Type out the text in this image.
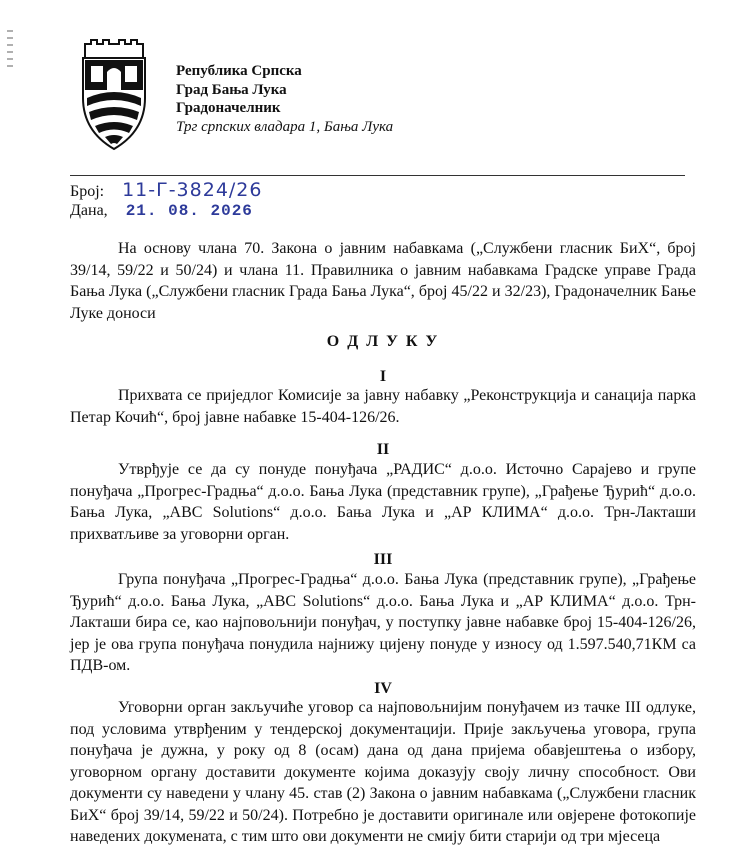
Република Српска
Град Бања Лука
Градоначелник
Трг српских владара 1, Бања Лука
Број: 11-Г-3824/26
Дана, 21. 08. 2026

На основу члана 70. Закона о јавним набавкама („Службени гласник БиХ“, број 39/14, 59/22 и 50/24) и члана 11. Правилника о јавним набавкама Градске управе Града Бања Лука („Службени гласник Града Бања Лука“, број 45/22 и 32/23), Градоначелник Бање Луке доноси

О Д Л У К У
I

Прихвата се приједлог Комисије за јавну набавку „Реконструкција и санација парка Петар Кочић“, број јавне набавке 15-404-126/26.

II

Утврђује се да су понуде понуђача „РАДИС“ д.о.о. Источно Сарајево и групе понуђача „Прогрес-Градња“ д.о.о. Бања Лука (представник групе), „Грађење Ђурић“ д.о.о. Бања Лука, „ABC Solutions“ д.о.о. Бања Лука и „АР КЛИМА“ д.о.о. Трн-Лакташи прихватљиве за уговорни орган.

III

Група понуђача „Прогрес-Градња“ д.о.о. Бања Лука (представник групе), „Грађење Ђурић“ д.о.о. Бања Лука, „ABC Solutions“ д.о.о. Бања Лука и „АР КЛИМА“ д.о.о. Трн-Лакташи бира се, као најповољнији понуђач, у поступку јавне набавке број 15-404-126/26, јер је ова група понуђача понудила најнижу цијену понуде у износу од 1.597.540,71КМ са ПДВ-ом.

IV

Уговорни орган закључиће уговор са најповољнијим понуђачем из тачке III одлуке, под условима утврђеним у тендерској документацији. Прије закључења уговора, група понуђача је дужна, у року од 8 (осам) дана од дана пријема обавјештења о избору, уговорном органу доставити документе којима доказују своју личну способност. Ови документи су наведени у члану 45. став (2) Закона о јавним набавкама („Службени гласник БиХ“ број 39/14, 59/22 и 50/24). Потребно је доставити оригинале или овјерене фотокопије наведених докумената, с тим што ови документи не смију бити старији од три мјесеца
